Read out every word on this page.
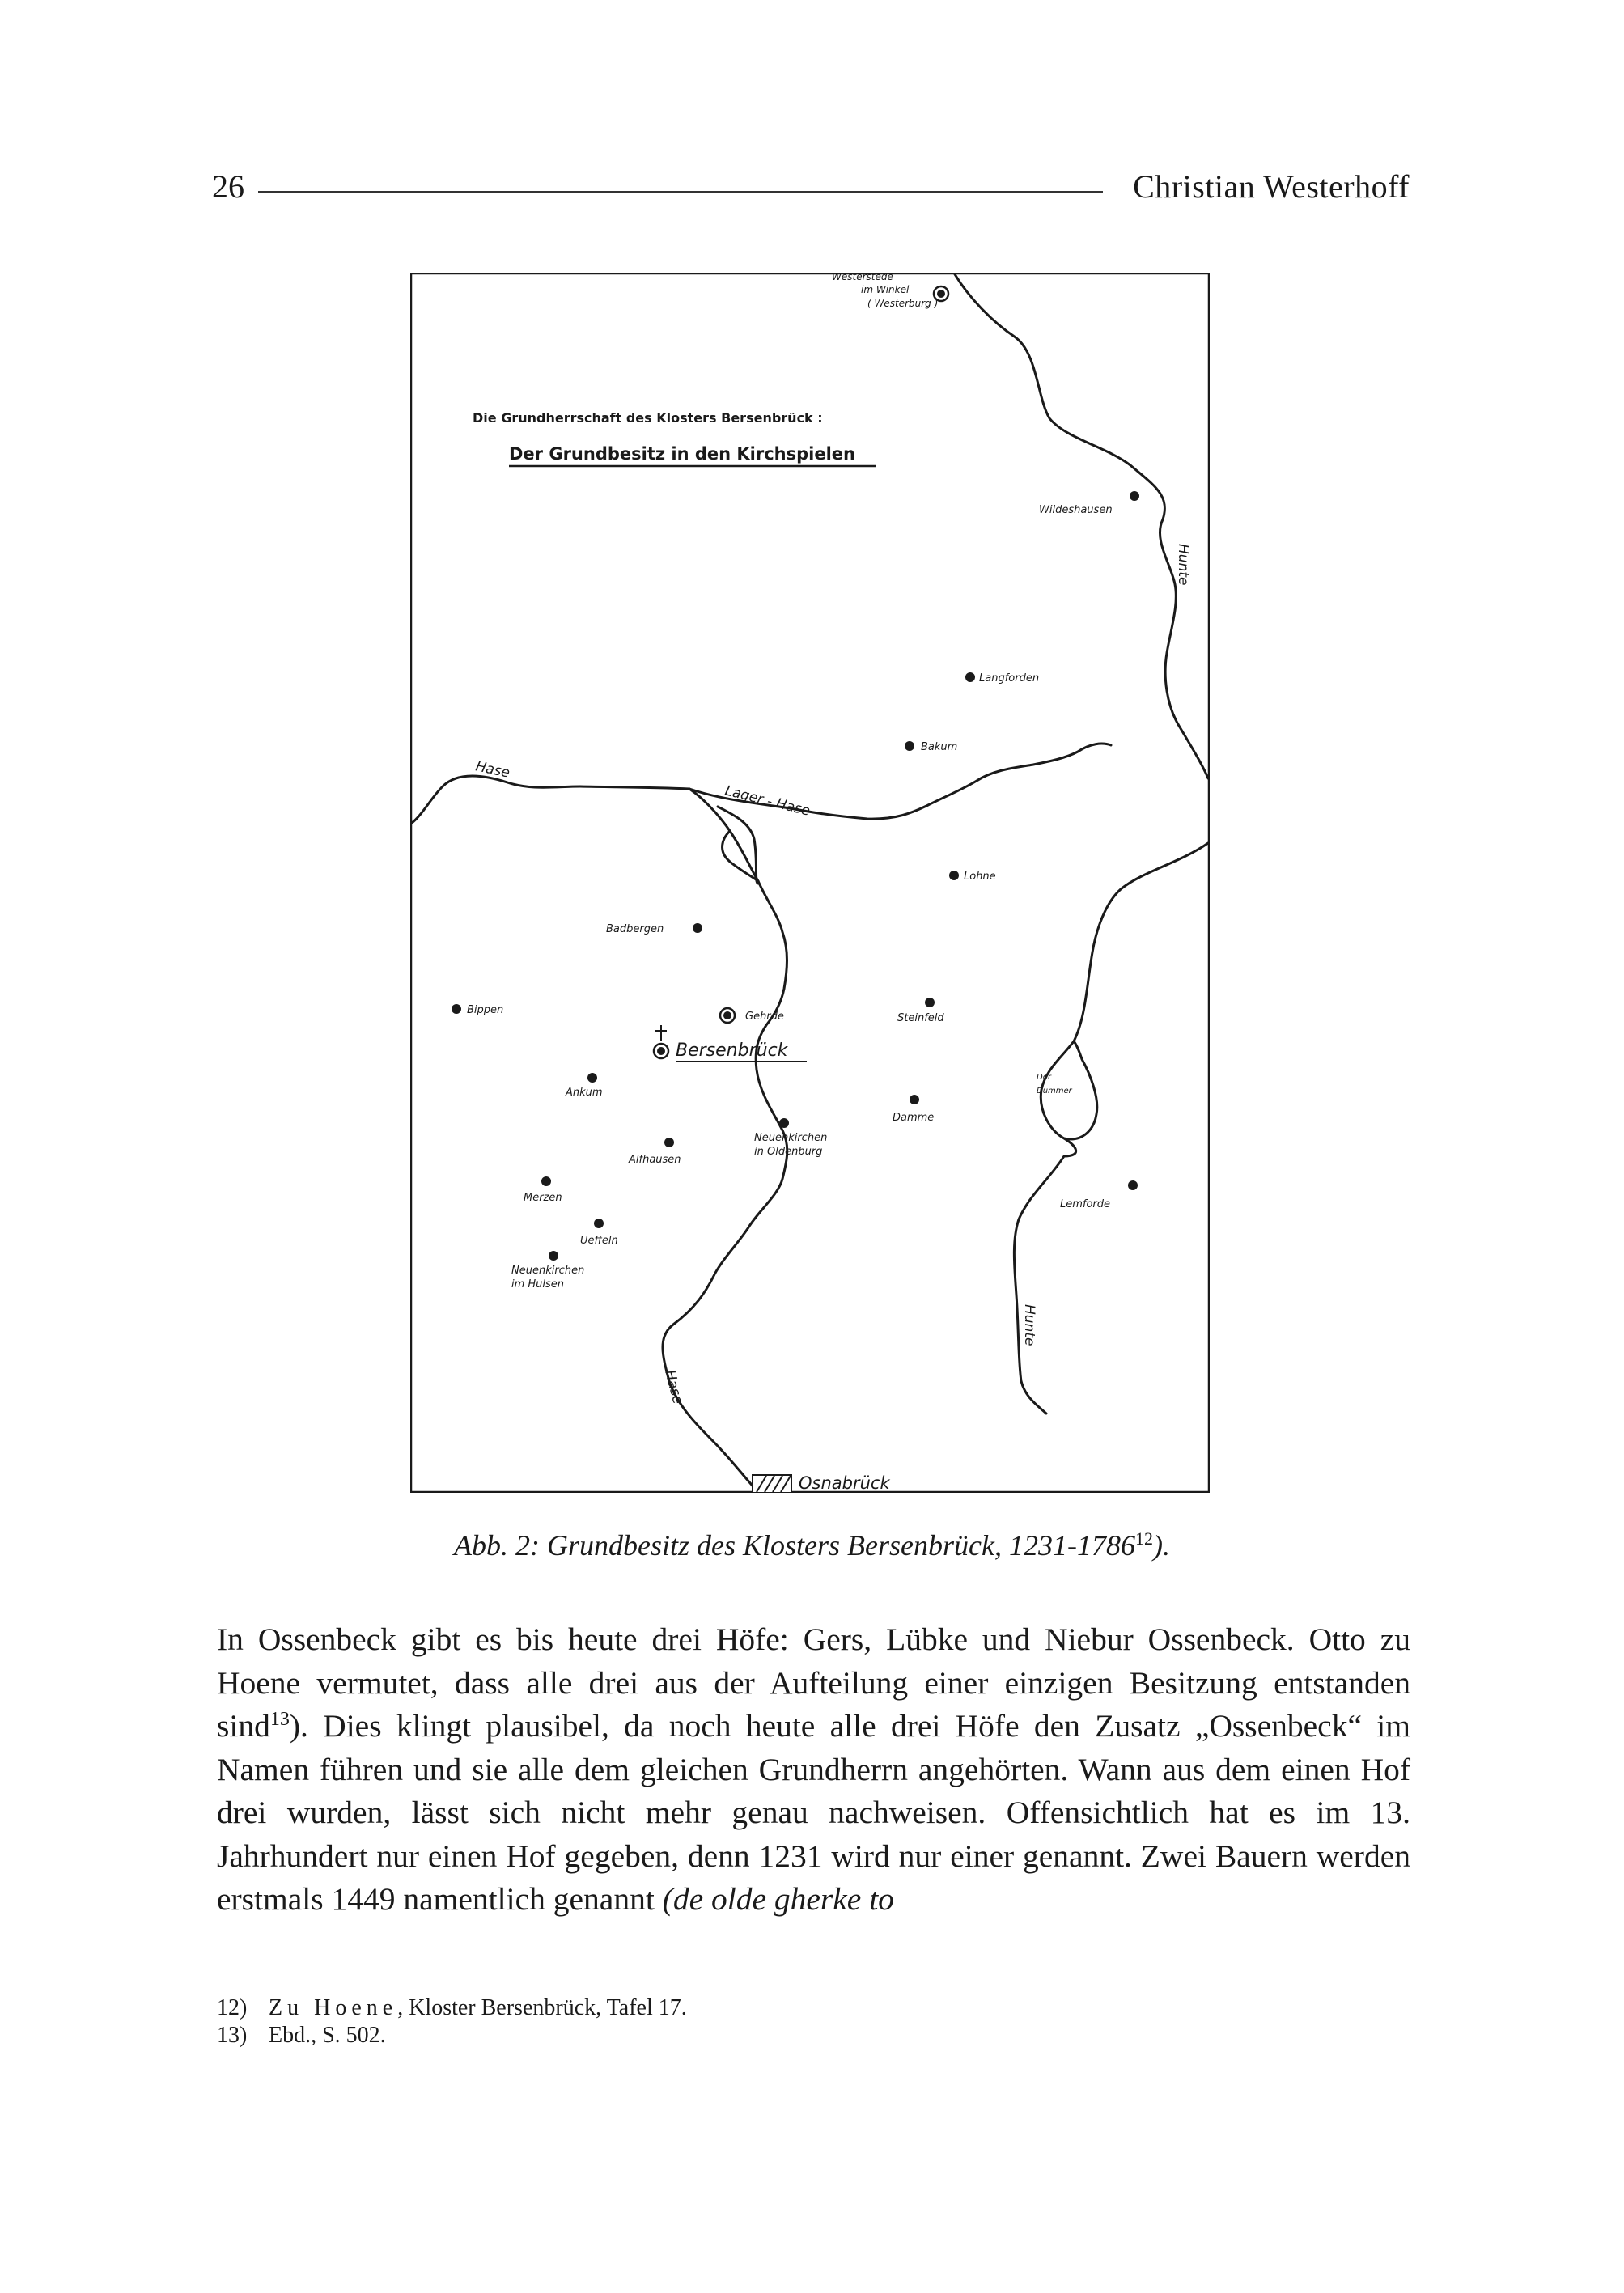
26	Christian Westerhoff
Die Grundherrschaft des Klosters Bersenbrück :
Der Grundbesitz in den Kirchspielen
Westerstede
im Winkel
( Westerburg )
Wildeshausen
Langforden
Bakum
Lohne
Badbergen
Bippen
Gehrde	Steinfeld
Bersenbrück
Ankum
Damme
Neuenkirchen
in Oldenburg
Alfhausen
Merzen
Lemforde
Ueffeln
Neuenkirchen
im Hulsen
Osnabrück
Der
Dummer
Hase
Lager - Hase
Hase
Hunte
Hunte
Abb. 2: Grundbesitz des Klosters Bersenbrück, 1231-1786$^{12}$).
In Ossenbeck gibt es bis heute drei Höfe: Gers, Lübke und Niebur Ossenbeck. Otto zu Hoene vermutet, dass alle drei aus der Aufteilung einer einzigen Besitzung entstanden sind$^{13}$). Dies klingt plausibel, da noch heute alle drei Höfe den Zusatz „Ossenbeck“ im Namen führen und sie alle dem gleichen Grundherrn angehörten. Wann aus dem einen Hof drei wurden, lässt sich nicht mehr genau nachweisen. Offensichtlich hat es im 13. Jahrhundert nur einen Hof gegeben, denn 1231 wird nur einer genannt. Zwei Bauern werden erstmals 1449 namentlich genannt (de olde gherke to
12) Zu Hoene, Kloster Bersenbrück, Tafel 17.
13) Ebd., S. 502.
